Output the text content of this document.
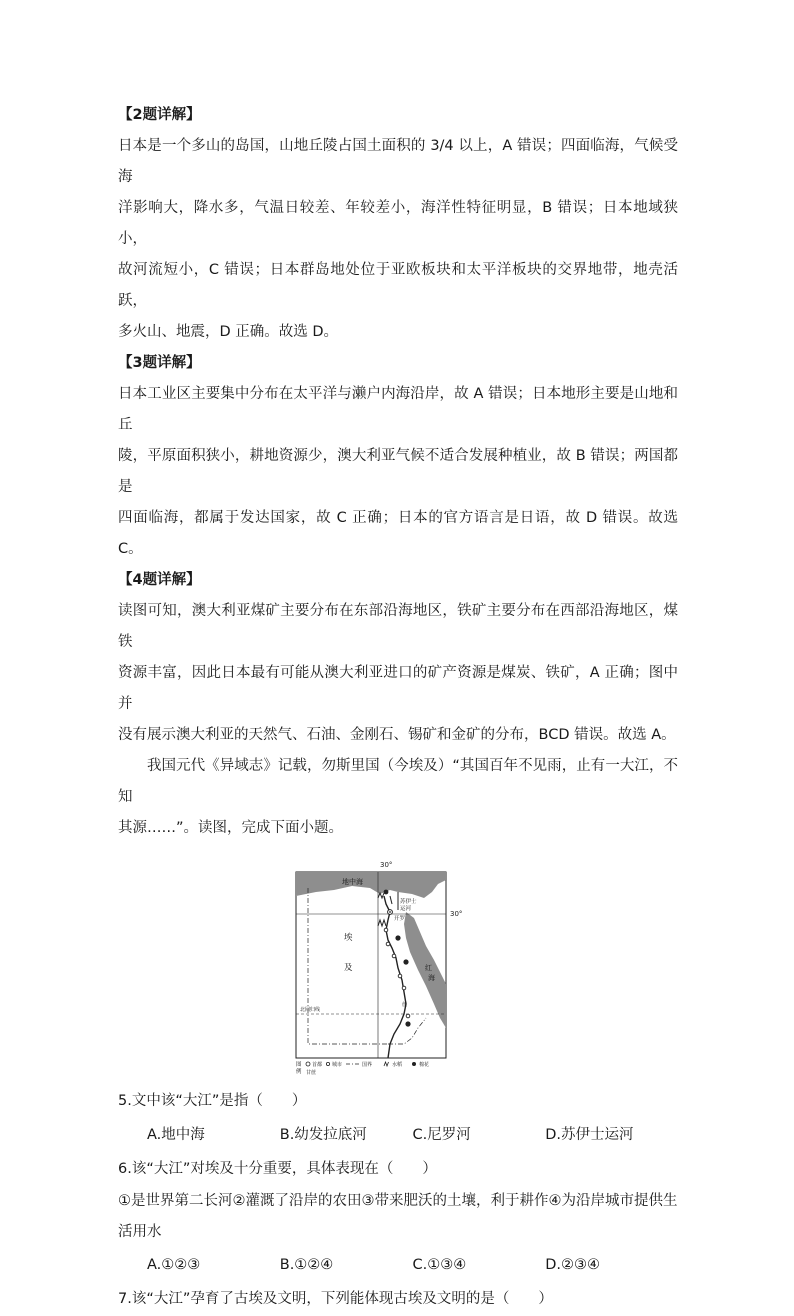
【2题详解】

日本是一个多山的岛国，山地丘陵占国土面积的 3/4 以上，A 错误；四面临海，气候受海

洋影响大，降水多，气温日较差、年较差小，海洋性特征明显，B 错误；日本地域狭小，

故河流短小，C 错误；日本群岛地处位于亚欧板块和太平洋板块的交界地带，地壳活跃，

多火山、地震，D 正确。故选 D。

【3题详解】

日本工业区主要集中分布在太平洋与濑户内海沿岸，故 A 错误；日本地形主要是山地和丘

陵，平原面积狭小，耕地资源少，澳大利亚气候不适合发展种植业，故 B 错误；两国都是

四面临海，都属于发达国家，故 C 正确；日本的官方语言是日语，故 D 错误。故选 C。

【4题详解】

读图可知，澳大利亚煤矿主要分布在东部沿海地区，铁矿主要分布在西部沿海地区，煤铁

资源丰富，因此日本最有可能从澳大利亚进口的矿产资源是煤炭、铁矿，A 正确；图中并

没有展示澳大利亚的天然气、石油、金刚石、锡矿和金矿的分布，BCD 错误。故选 A。

我国元代《异域志》记载，勿斯里国（今埃及）“其国百年不见雨，止有一大江，不知

其源……”。读图，完成下面小题。

30°
地中海
红
海
苏伊士
运河
30°
开罗
蔗
埃
及
北回归线
图
例
首都 城市	国界	水稻	棉花
甘蔗

5.文中该“大江”是指（　　）

A.地中海	B.幼发拉底河	C.尼罗河	D.苏伊士运河

6.该“大江”对埃及十分重要，具体表现在（　　）

①是世界第二长河②灌溉了沿岸的农田③带来肥沃的土壤，利于耕作④为沿岸城市提供生

活用水

A.①②③	B.①②④	C.①③④	D.②③④

7.该“大江”孕育了古埃及文明，下列能体现古埃及文明的是（　　）
